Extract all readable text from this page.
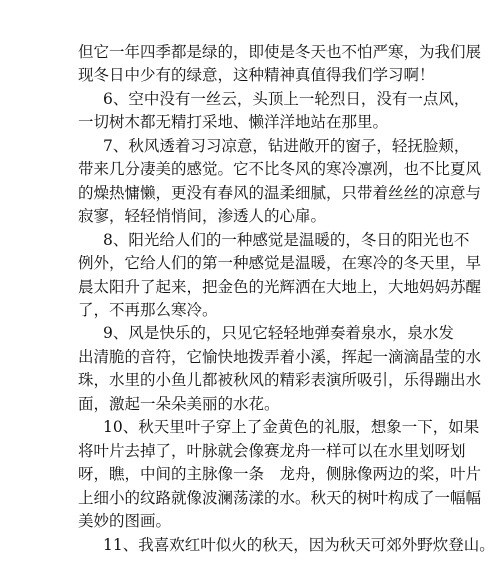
但它一年四季都是绿的，即使是冬天也不怕严寒，为我们展
现冬日中少有的绿意，这种精神真值得我们学习啊！
6、空中没有一丝云，头顶上一轮烈日，没有一点风，
一切树木都无精打采地、懒洋洋地站在那里。
7、秋风透着习习凉意，钻进敞开的窗子，轻抚脸颊，
带来几分凄美的感觉。它不比冬风的寒冷凛冽，也不比夏风
的燥热慵懒，更没有春风的温柔细腻，只带着丝丝的凉意与
寂寥，轻轻悄悄间，渗透人的心扉。
8、阳光给人们的一种感觉是温暖的，冬日的阳光也不
例外，它给人们的第一种感觉是温暖，在寒冷的冬天里，早
晨太阳升了起来，把金色的光辉洒在大地上，大地妈妈苏醒
了，不再那么寒冷。
9、风是快乐的，只见它轻轻地弹奏着泉水，泉水发
出清脆的音符，它愉快地拨弄着小溪，挥起一滴滴晶莹的水
珠，水里的小鱼儿都被秋风的精彩表演所吸引，乐得蹦出水
面，激起一朵朵美丽的水花。
10、秋天里叶子穿上了金黄色的礼服，想象一下，如果
将叶片去掉了，叶脉就会像赛龙舟一样可以在水里划呀划
呀，瞧，中间的主脉像一条　龙舟，侧脉像两边的桨，叶片
上细小的纹路就像波澜荡漾的水。秋天的树叶构成了一幅幅
美妙的图画。
11、我喜欢红叶似火的秋天，因为秋天可郊外野炊登山。
